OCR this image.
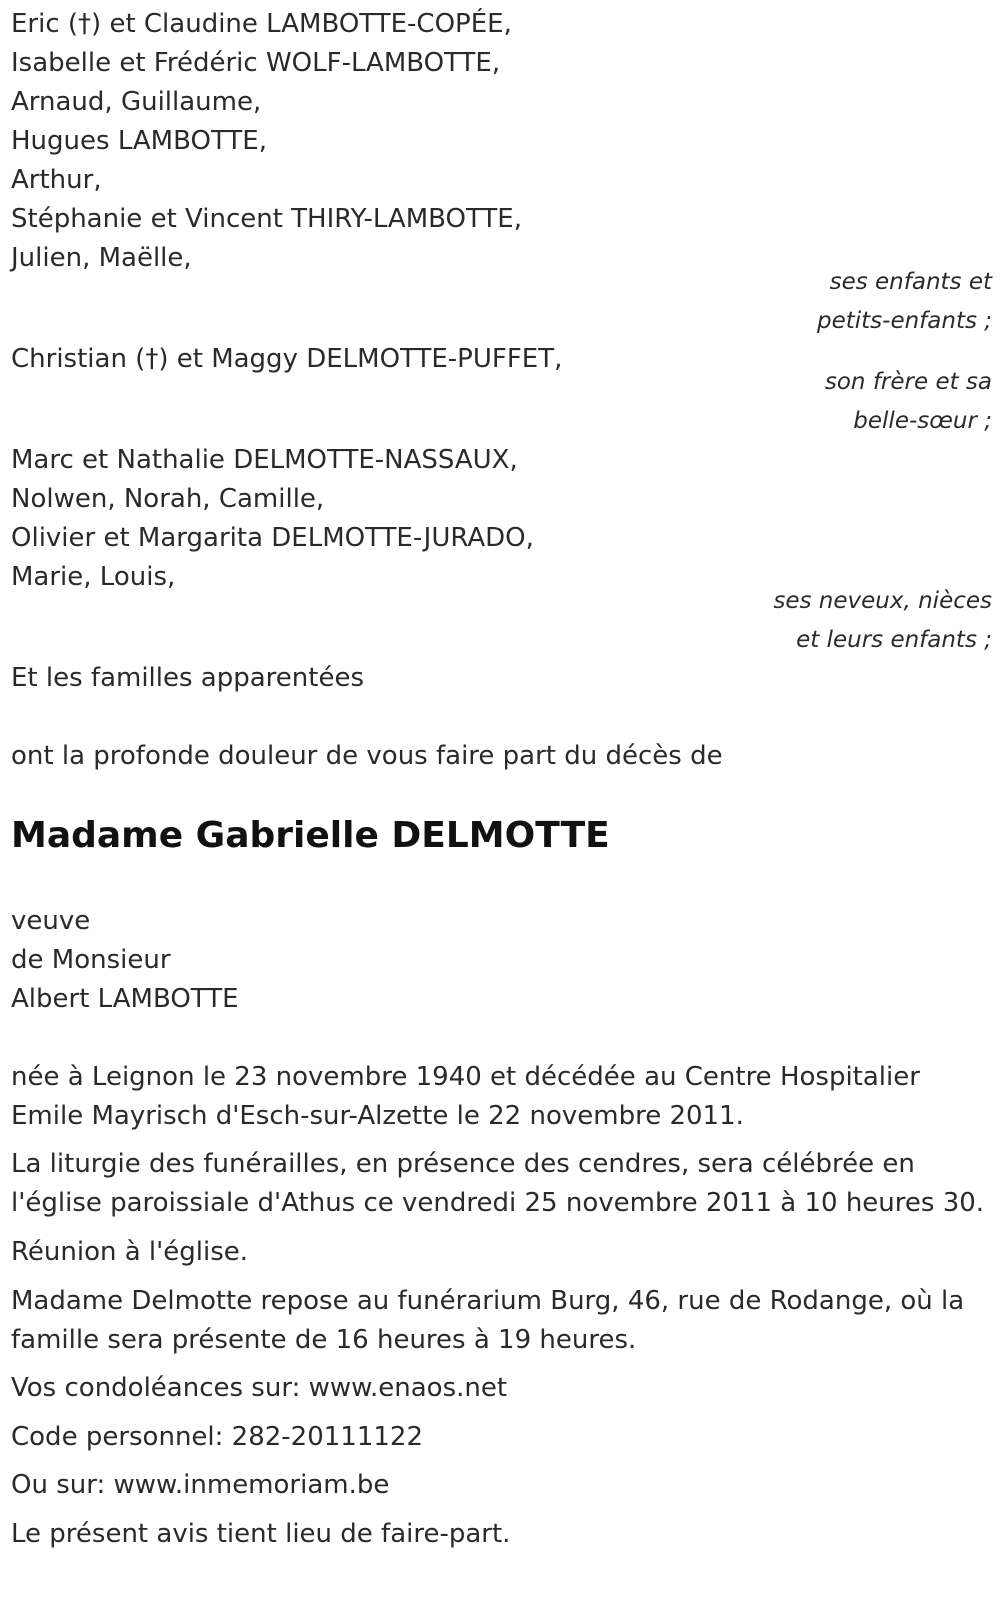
Eric (†) et Claudine LAMBOTTE-COPÉE,
Isabelle et Frédéric WOLF-LAMBOTTE,
Arnaud, Guillaume,
Hugues LAMBOTTE,
Arthur,
Stéphanie et Vincent THIRY-LAMBOTTE,
Julien, Maëlle,
ses enfants et
petits-enfants ;
Christian (†) et Maggy DELMOTTE-PUFFET,
son frère et sa
belle-sœur ;
Marc et Nathalie DELMOTTE-NASSAUX,
Nolwen, Norah, Camille,
Olivier et Margarita DELMOTTE-JURADO,
Marie, Louis,
ses neveux, nièces
et leurs enfants ;
Et les familles apparentées
ont la profonde douleur de vous faire part du décès de
Madame Gabrielle DELMOTTE
veuve
de Monsieur
Albert LAMBOTTE
née à Leignon le 23 novembre 1940 et décédée au Centre Hospitalier
Emile Mayrisch d'Esch-sur-Alzette le 22 novembre 2011.
La liturgie des funérailles, en présence des cendres, sera célébrée en
l'église paroissiale d'Athus ce vendredi 25 novembre 2011 à 10 heures 30.
Réunion à l'église.
Madame Delmotte repose au funérarium Burg, 46, rue de Rodange, où la
famille sera présente de 16 heures à 19 heures.
Vos condoléances sur: www.enaos.net
Code personnel: 282-20111122
Ou sur: www.inmemoriam.be
Le présent avis tient lieu de faire-part.
